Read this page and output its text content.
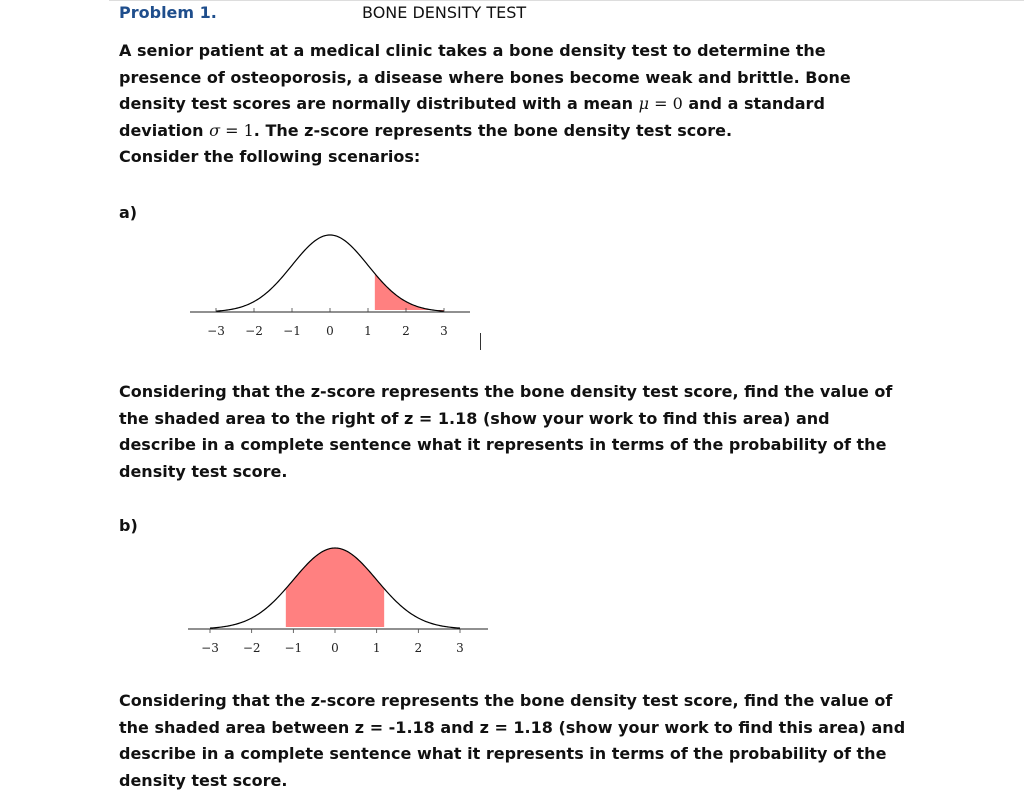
Problem 1.	BONE DENSITY TEST
A senior patient at a medical clinic takes a bone density test to determine the presence of osteoporosis, a disease where bones become weak and brittle. Bone density test scores are normally distributed with a mean μ = 0 and a standard deviation σ = 1. The z-score represents the bone density test score.
Consider the following scenarios:
a)
−3 −2 −1 0	1	2	3
Considering that the z-score represents the bone density test score, find the value of the shaded area to the right of z = 1.18 (show your work to find this area) and describe in a complete sentence what it represents in terms of the probability of the density test score.
b)
−3 −2 −1 0	1	2	3
Considering that the z-score represents the bone density test score, find the value of the shaded area between z = -1.18 and z = 1.18 (show your work to find this area) and describe in a complete sentence what it represents in terms of the probability of the density test score.
